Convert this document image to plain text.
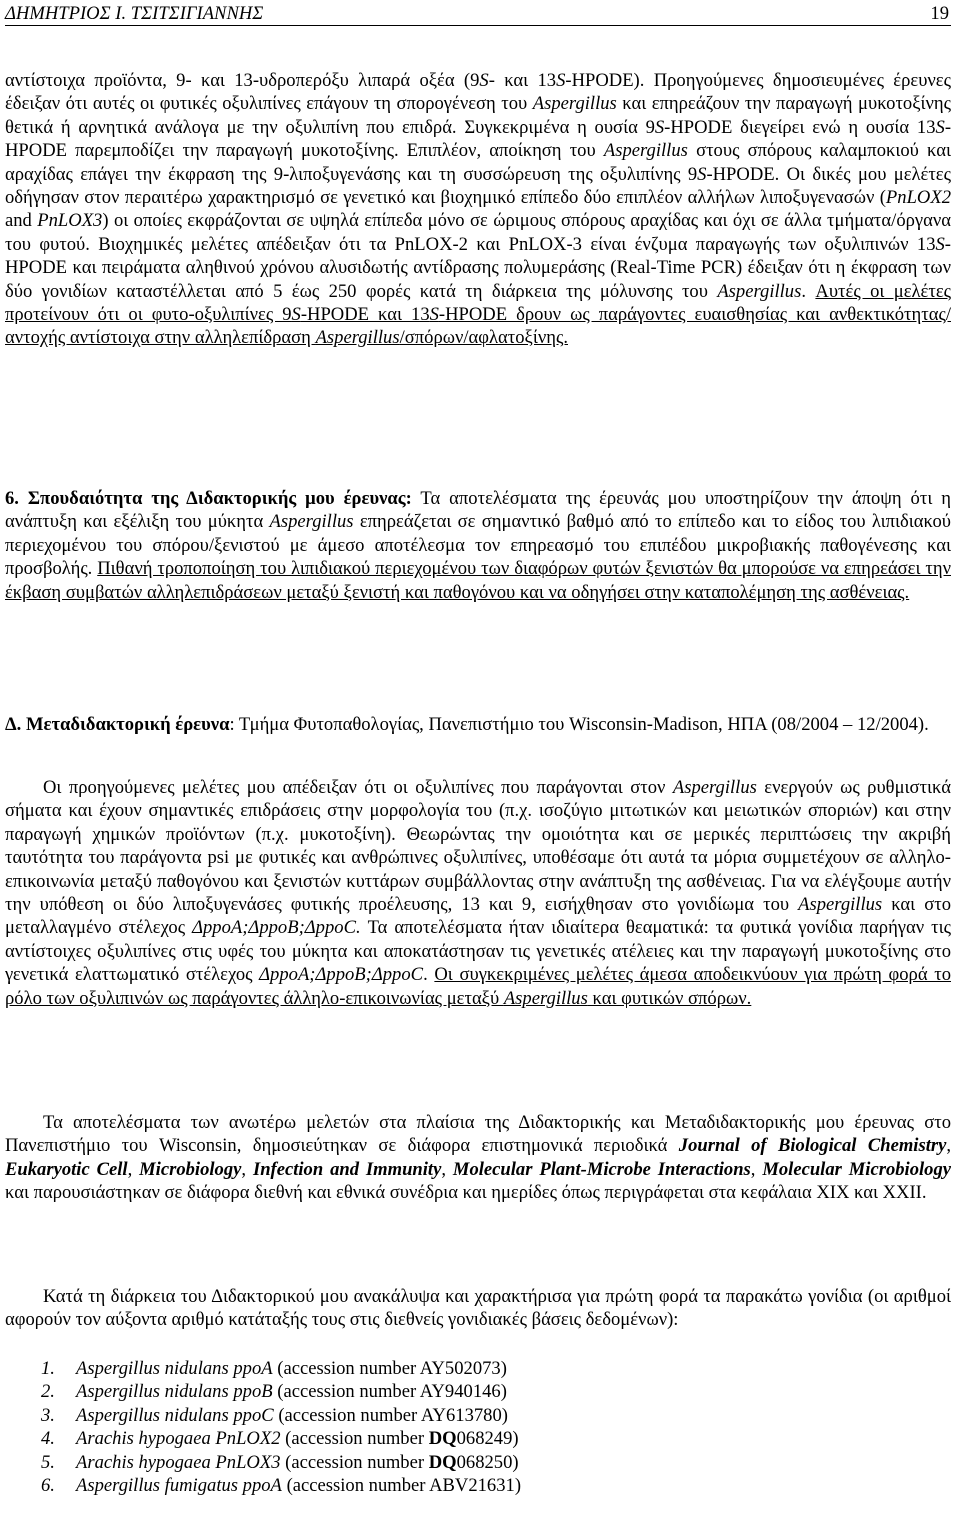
ΔΗΜΗΤΡΙΟΣ Ι. ΤΣΙΤΣΙΓΙΑΝΝΗΣ	19

αντίστοιχα προϊόντα, 9- και 13-υδροπερόξυ λιπαρά οξέα (9S- και 13S-HPODE). Προηγούμενες δημοσιευμένες έρευνες έδειξαν ότι αυτές οι φυτικές οξυλιπίνες επάγουν τη σπορογένεση του Aspergillus και επηρεάζουν την παραγωγή μυκοτοξίνης θετικά ή αρνητικά ανάλογα με την οξυλιπίνη που επιδρά. Συγκεκριμένα η ουσία 9S-HPODE διεγείρει ενώ η ουσία 13S-HPODE παρεμποδίζει την παραγωγή μυκοτοξίνης. Επιπλέον, αποίκηση του Aspergillus στους σπόρους καλαμποκιού και αραχίδας επάγει την έκφραση της 9-λιποξυγενάσης και τη συσσώρευση της οξυλιπίνης 9S-HPODE. Οι δικές μου μελέτες οδήγησαν στον περαιτέρω χαρακτηρισμό σε γενετικό και βιοχημικό επίπεδο δύο επιπλέον αλλήλων λιποξυγενασών (PnLOX2 and PnLOX3) οι οποίες εκφράζονται σε υψηλά επίπεδα μόνο σε ώριμους σπόρους αραχίδας και όχι σε άλλα τμήματα/όργανα του φυτού. Βιοχημικές μελέτες απέδειξαν ότι τα PnLOX-2 και PnLOX-3 είναι ένζυμα παραγωγής των οξυλιπινών 13S-HPODE και πειράματα αληθινού χρόνου αλυσιδωτής αντίδρασης πολυμεράσης (Real-Time PCR) έδειξαν ότι η έκφραση των δύο γονιδίων καταστέλλεται από 5 έως 250 φορές κατά τη διάρκεια της μόλυνσης του Aspergillus. Αυτές οι μελέτες προτείνουν ότι οι φυτο-οξυλιπίνες 9S-HPODE και 13S-HPODE δρουν ως παράγοντες ευαισθησίας και ανθεκτικότητας/αντοχής αντίστοιχα στην αλληλεπίδραση Aspergillus/σπόρων/αφλατοξίνης.

6. Σπουδαιότητα της Διδακτορικής μου έρευνας: Τα αποτελέσματα της έρευνάς μου υποστηρίζουν την άποψη ότι η ανάπτυξη και εξέλιξη του μύκητα Aspergillus επηρεάζεται σε σημαντικό βαθμό από το επίπεδο και το είδος του λιπιδιακού περιεχομένου του σπόρου/ξενιστού με άμεσο αποτέλεσμα τον επηρεασμό του επιπέδου μικροβιακής παθογένεσης και προσβολής. Πιθανή τροποποίηση του λιπιδιακού περιεχομένου των διαφόρων φυτών ξενιστών θα μπορούσε να επηρεάσει την έκβαση συμβατών αλληλεπιδράσεων μεταξύ ξενιστή και παθογόνου και να οδηγήσει στην καταπολέμηση της ασθένειας.

Δ. Μεταδιδακτορική έρευνα: Τμήμα Φυτοπαθολογίας, Πανεπιστήμιο του Wisconsin-Madison, ΗΠΑ (08/2004 – 12/2004).

Οι προηγούμενες μελέτες μου απέδειξαν ότι οι οξυλιπίνες που παράγονται στον Aspergillus ενεργούν ως ρυθμιστικά σήματα και έχουν σημαντικές επιδράσεις στην μορφολογία του (π.χ. ισοζύγιο μιτωτικών και μειωτικών σποριών) και στην παραγωγή χημικών προϊόντων (π.χ. μυκοτοξίνη). Θεωρώντας την ομοιότητα και σε μερικές περιπτώσεις την ακριβή ταυτότητα του παράγοντα psi με φυτικές και ανθρώπινες οξυλιπίνες, υποθέσαμε ότι αυτά τα μόρια συμμετέχουν σε αλληλο-επικοινωνία μεταξύ παθογόνου και ξενιστών κυττάρων συμβάλλοντας στην ανάπτυξη της ασθένειας. Για να ελέγξουμε αυτήν την υπόθεση οι δύο λιποξυγενάσες φυτικής προέλευσης, 13 και 9, εισήχθησαν στο γονιδίωμα του Aspergillus και στο μεταλλαγμένο στέλεχος ΔppoA;ΔppoB;ΔppoC. Τα αποτελέσματα ήταν ιδιαίτερα θεαματικά: τα φυτικά γονίδια παρήγαν τις αντίστοιχες οξυλιπίνες στις υφές του μύκητα και αποκατάστησαν τις γενετικές ατέλειες και την παραγωγή μυκοτοξίνης στο γενετικά ελαττωματικό στέλεχος ΔppoA;ΔppoB;ΔppoC. Οι συγκεκριμένες μελέτες άμεσα αποδεικνύουν για πρώτη φορά το ρόλο των οξυλιπινών ως παράγοντες άλληλο-επικοινωνίας μεταξύ Aspergillus και φυτικών σπόρων.

Τα αποτελέσματα των ανωτέρω μελετών στα πλαίσια της Διδακτορικής και Μεταδιδακτορικής μου έρευνας στο Πανεπιστήμιο του Wisconsin, δημοσιεύτηκαν σε διάφορα επιστημονικά περιοδικά Journal of Biological Chemistry, Eukaryotic Cell, Microbiology, Infection and Immunity, Molecular Plant-Microbe Interactions, Molecular Microbiology και παρουσιάστηκαν σε διάφορα διεθνή και εθνικά συνέδρια και ημερίδες όπως περιγράφεται στα κεφάλαια XIX και XXII.

Κατά τη διάρκεια του Διδακτορικού μου ανακάλυψα και χαρακτήρισα για πρώτη φορά τα παρακάτω γονίδια (οι αριθμοί αφορούν τον αύξοντα αριθμό κατάταξής τους στις διεθνείς γονιδιακές βάσεις δεδομένων):

1. Aspergillus nidulans ppoA (accession number AY502073)
2. Aspergillus nidulans ppoB (accession number AY940146)
3. Aspergillus nidulans ppoC (accession number AY613780)
4. Arachis hypogaea PnLOX2 (accession number DQ068249)
5. Arachis hypogaea PnLOX3 (accession number DQ068250)
6. Aspergillus fumigatus ppoA (accession number ABV21631)
